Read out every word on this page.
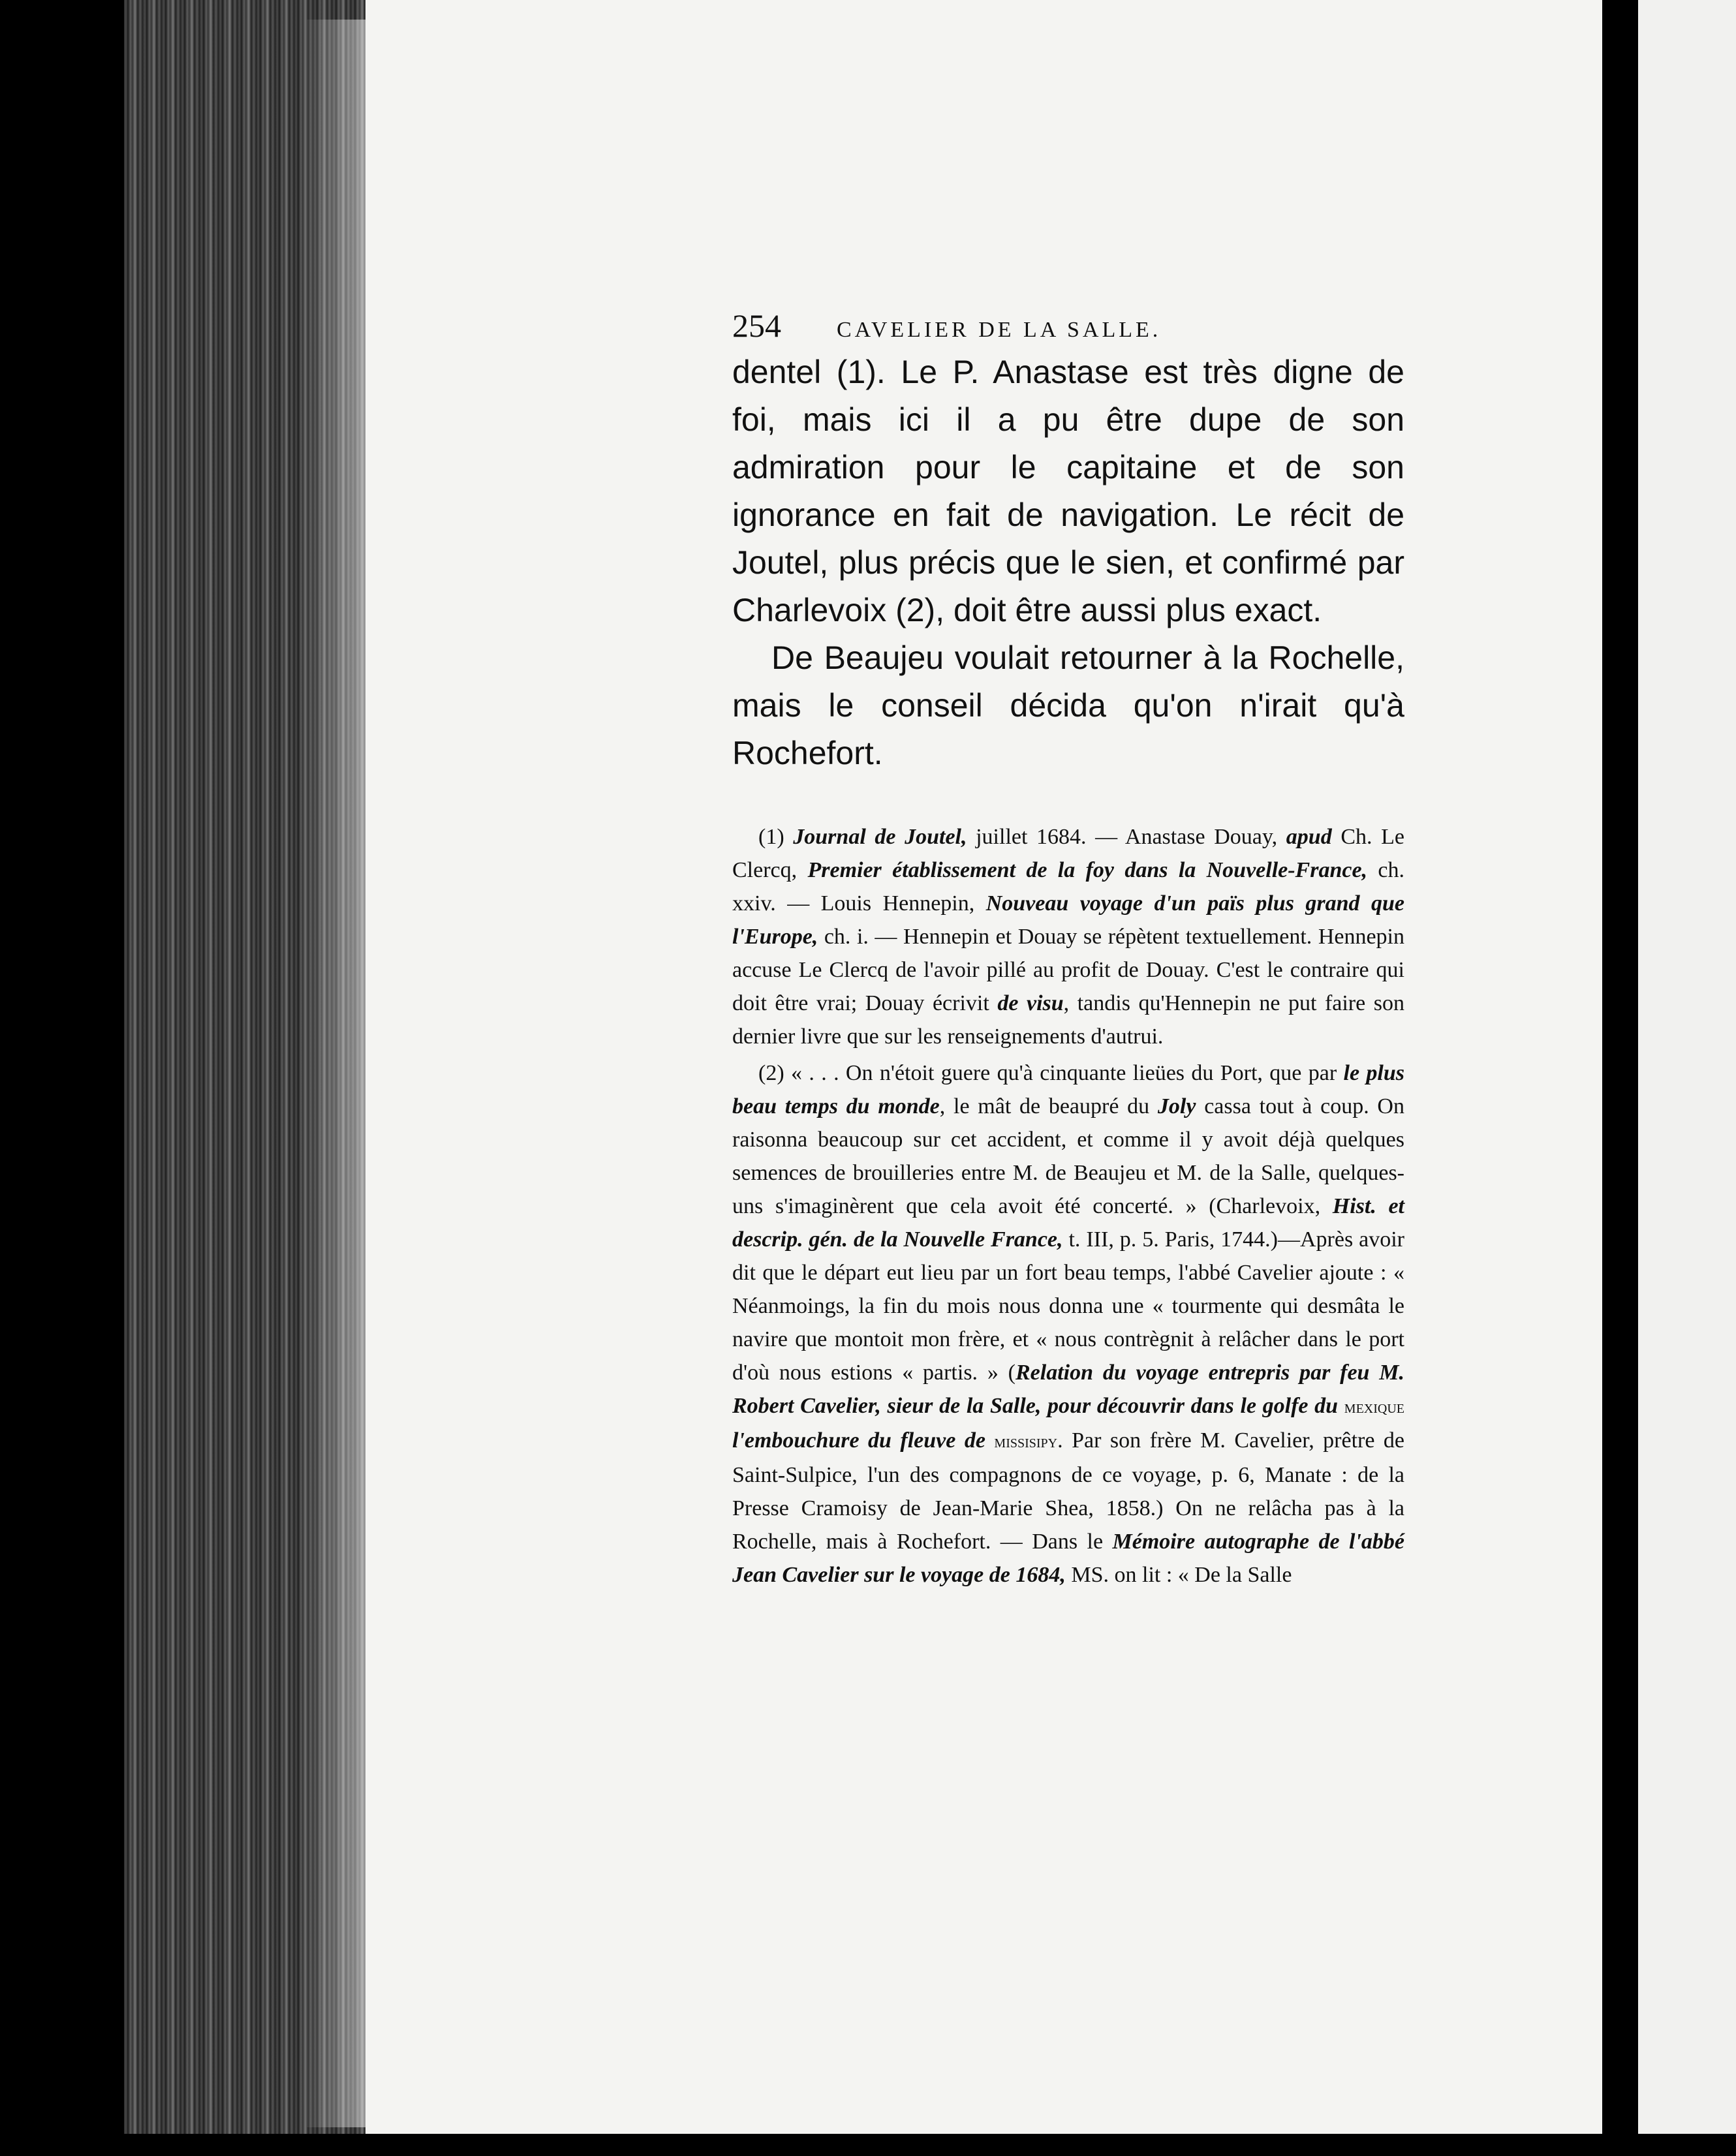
254	CAVELIER DE LA SALLE.

dentel (1). Le P. Anastase est très digne de foi, mais ici il a pu être dupe de son admiration pour le capitaine et de son ignorance en fait de navigation. Le récit de Joutel, plus précis que le sien, et confirmé par Charlevoix (2), doit être aussi plus exact.

De Beaujeu voulait retourner à la Rochelle, mais le conseil décida qu'on n'irait qu'à Rochefort.

(1) Journal de Joutel, juillet 1684. — Anastase Douay, apud Ch. Le Clercq, Premier établissement de la foy dans la Nouvelle-France, ch. xxiv. — Louis Hennepin, Nouveau voyage d'un païs plus grand que l'Europe, ch. i. — Hennepin et Douay se répètent textuellement. Hennepin accuse Le Clercq de l'avoir pillé au profit de Douay. C'est le contraire qui doit être vrai; Douay écrivit de visu, tandis qu'Hennepin ne put faire son dernier livre que sur les renseignements d'autrui.

(2) « . . . On n'étoit guere qu'à cinquante lieües du Port, que par le plus beau temps du monde, le mât de beaupré du Joly cassa tout à coup. On raisonna beaucoup sur cet accident, et comme il y avoit déjà quelques semences de brouilleries entre M. de Beaujeu et M. de la Salle, quelques-uns s'imaginèrent que cela avoit été concerté. » (Charlevoix, Hist. et descrip. gén. de la Nouvelle France, t. III, p. 5. Paris, 1744.)—Après avoir dit que le départ eut lieu par un fort beau temps, l'abbé Cavelier ajoute : « Néanmoings, la fin du mois nous donna une « tourmente qui desmâta le navire que montoit mon frère, et « nous contrègnit à relâcher dans le port d'où nous estions « partis. » (Relation du voyage entrepris par feu M. Robert Cavelier, sieur de la Salle, pour découvrir dans le golfe du mexique l'embouchure du fleuve de missisipy. Par son frère M. Cavelier, prêtre de Saint-Sulpice, l'un des compagnons de ce voyage, p. 6, Manate : de la Presse Cramoisy de Jean-Marie Shea, 1858.) On ne relâcha pas à la Rochelle, mais à Rochefort. — Dans le Mémoire autographe de l'abbé Jean Cavelier sur le voyage de 1684, MS. on lit : « De la Salle
